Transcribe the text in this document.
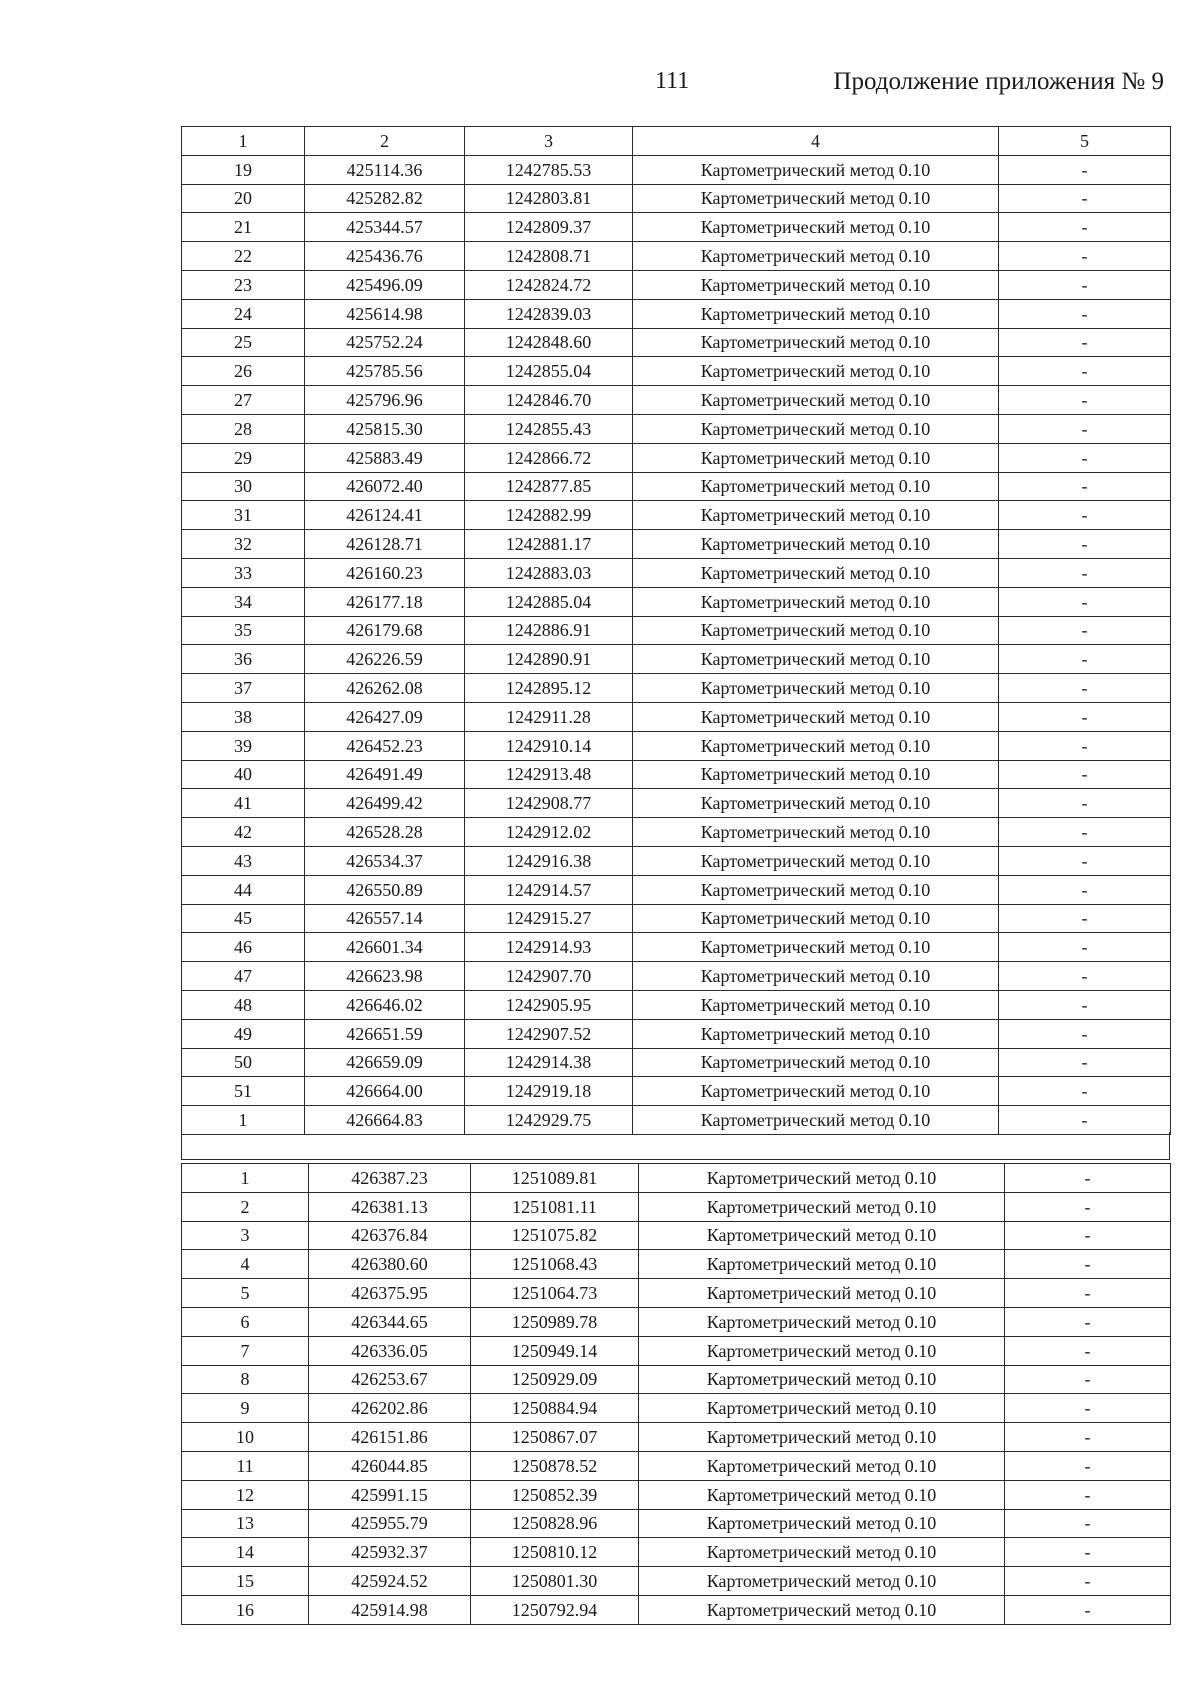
111	Продолжение приложения № 9
1	2	3	4	5
19	425114.36	1242785.53	Картометрический метод 0.10	-
20	425282.82	1242803.81	Картометрический метод 0.10	-
21	425344.57	1242809.37	Картометрический метод 0.10	-
22	425436.76	1242808.71	Картометрический метод 0.10	-
23	425496.09	1242824.72	Картометрический метод 0.10	-
24	425614.98	1242839.03	Картометрический метод 0.10	-
25	425752.24	1242848.60	Картометрический метод 0.10	-
26	425785.56	1242855.04	Картометрический метод 0.10	-
27	425796.96	1242846.70	Картометрический метод 0.10	-
28	425815.30	1242855.43	Картометрический метод 0.10	-
29	425883.49	1242866.72	Картометрический метод 0.10	-
30	426072.40	1242877.85	Картометрический метод 0.10	-
31	426124.41	1242882.99	Картометрический метод 0.10	-
32	426128.71	1242881.17	Картометрический метод 0.10	-
33	426160.23	1242883.03	Картометрический метод 0.10	-
34	426177.18	1242885.04	Картометрический метод 0.10	-
35	426179.68	1242886.91	Картометрический метод 0.10	-
36	426226.59	1242890.91	Картометрический метод 0.10	-
37	426262.08	1242895.12	Картометрический метод 0.10	-
38	426427.09	1242911.28	Картометрический метод 0.10	-
39	426452.23	1242910.14	Картометрический метод 0.10	-
40	426491.49	1242913.48	Картометрический метод 0.10	-
41	426499.42	1242908.77	Картометрический метод 0.10	-
42	426528.28	1242912.02	Картометрический метод 0.10	-
43	426534.37	1242916.38	Картометрический метод 0.10	-
44	426550.89	1242914.57	Картометрический метод 0.10	-
45	426557.14	1242915.27	Картометрический метод 0.10	-
46	426601.34	1242914.93	Картометрический метод 0.10	-
47	426623.98	1242907.70	Картометрический метод 0.10	-
48	426646.02	1242905.95	Картометрический метод 0.10	-
49	426651.59	1242907.52	Картометрический метод 0.10	-
50	426659.09	1242914.38	Картометрический метод 0.10	-
51	426664.00	1242919.18	Картометрический метод 0.10	-
1	426664.83	1242929.75	Картометрический метод 0.10	-
1	426387.23	1251089.81	Картометрический метод 0.10	-
2	426381.13	1251081.11	Картометрический метод 0.10	-
3	426376.84	1251075.82	Картометрический метод 0.10	-
4	426380.60	1251068.43	Картометрический метод 0.10	-
5	426375.95	1251064.73	Картометрический метод 0.10	-
6	426344.65	1250989.78	Картометрический метод 0.10	-
7	426336.05	1250949.14	Картометрический метод 0.10	-
8	426253.67	1250929.09	Картометрический метод 0.10	-
9	426202.86	1250884.94	Картометрический метод 0.10	-
10	426151.86	1250867.07	Картометрический метод 0.10	-
11	426044.85	1250878.52	Картометрический метод 0.10	-
12	425991.15	1250852.39	Картометрический метод 0.10	-
13	425955.79	1250828.96	Картометрический метод 0.10	-
14	425932.37	1250810.12	Картометрический метод 0.10	-
15	425924.52	1250801.30	Картометрический метод 0.10	-
16	425914.98	1250792.94	Картометрический метод 0.10	-
